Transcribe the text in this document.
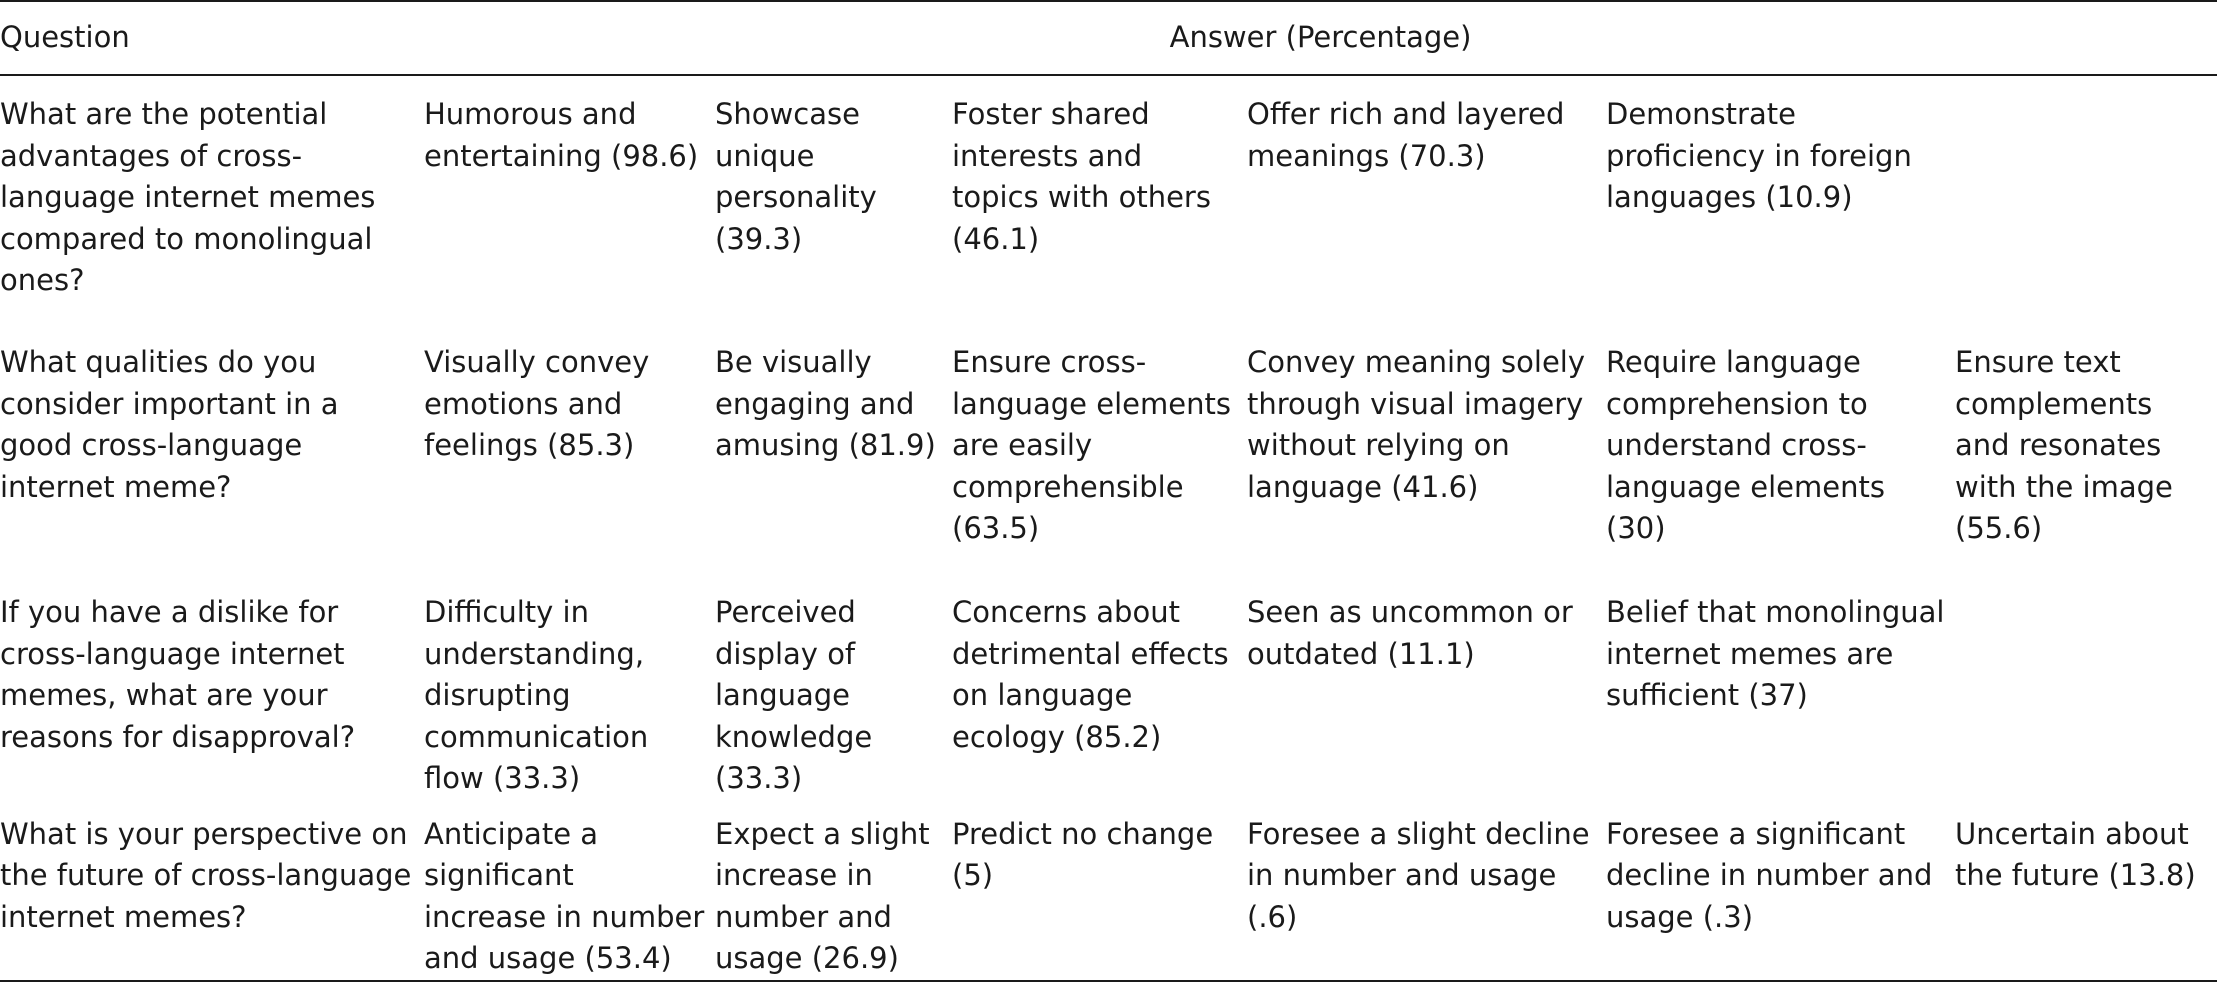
Question	Answer (Percentage)					

What are the potential advantages of cross-language internet memes compared to monolingual ones?	Humorous and entertaining (98.6)	Showcase unique personality (39.3)	Foster shared interests and topics with others (46.1)	Offer rich and layered meanings (70.3)	Demonstrate proficiency in foreign languages (10.9)	

What qualities do you consider important in a good cross-language internet meme?	Visually convey emotions and feelings (85.3)	Be visually engaging and amusing (81.9)	Ensure cross-language elements are easily comprehensible (63.5)	Convey meaning solely through visual imagery without relying on language (41.6)	Require language comprehension to understand cross-language elements (30)	Ensure text complements and resonates with the image (55.6)

If you have a dislike for cross-language internet memes, what are your reasons for disapproval?	Difficulty in understanding, disrupting communication flow (33.3)	Perceived display of language knowledge (33.3)	Concerns about detrimental effects on language ecology (85.2)	Seen as uncommon or outdated (11.1)	Belief that monolingual internet memes are sufficient (37)	

What is your perspective on the future of cross-language internet memes?	Anticipate a significant increase in number and usage (53.4)	Expect a slight increase in number and usage (26.9)	Predict no change (5)	Foresee a slight decline in number and usage (.6)	Foresee a significant decline in number and usage (.3)	Uncertain about the future (13.8)
